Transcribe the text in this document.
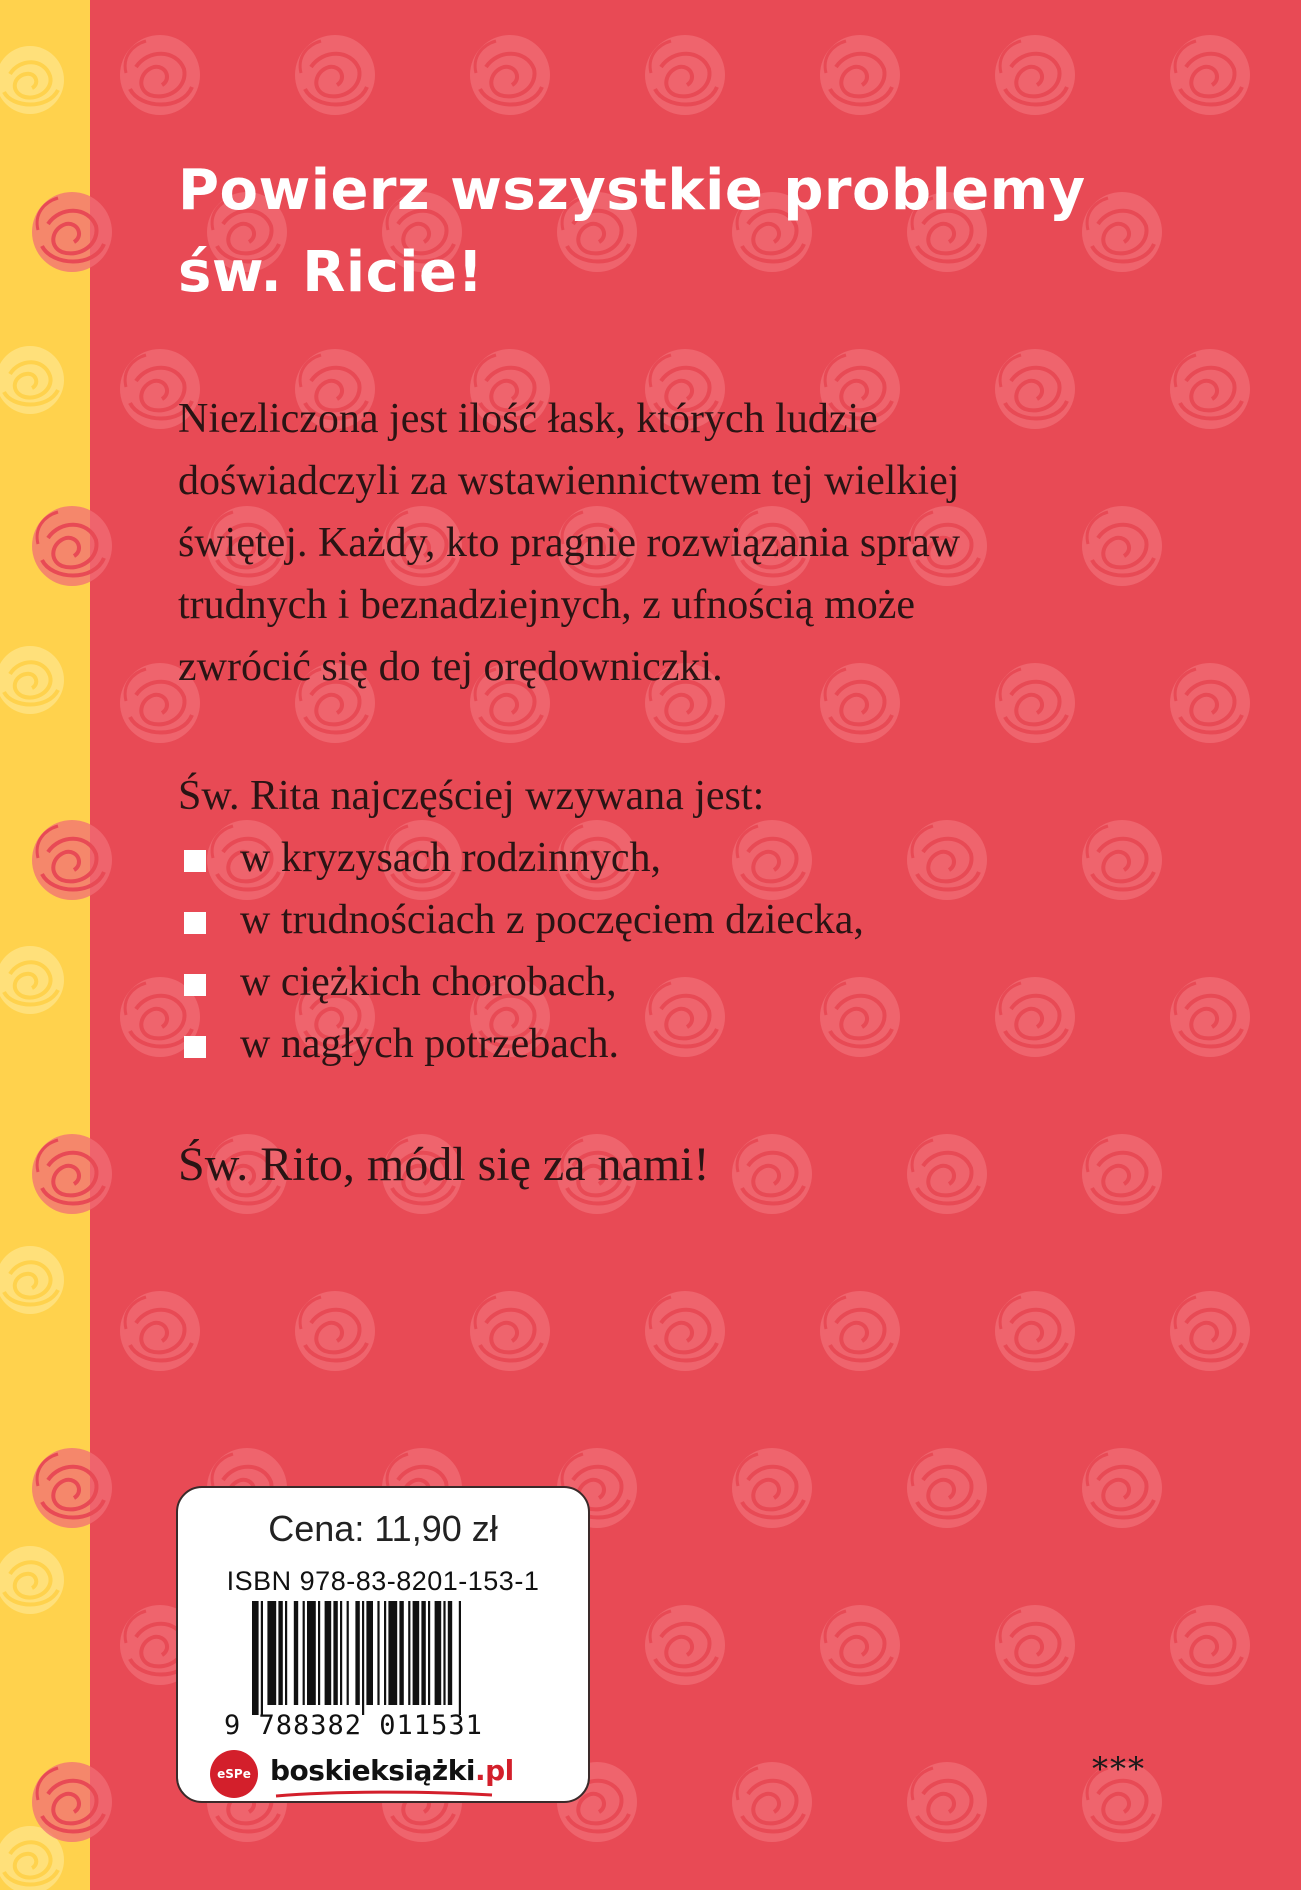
Powierz wszystkie problemy
św. Ricie!
Niezliczona jest ilość łask, których ludzie
doświadczyli za wstawiennictwem tej wielkiej
świętej. Każdy, kto pragnie rozwiązania spraw
trudnych i beznadziejnych, z ufnością może
zwrócić się do tej orędowniczki.
Św. Rita najczęściej wzywana jest:
w kryzysach rodzinnych,
w trudnościach z poczęciem dziecka,
w ciężkich chorobach,
w nagłych potrzebach.
Św. Rito, módl się za nami!
Cena: 11,90 zł
ISBN 978-83-8201-153-1
9 788382 011531
eSPe boskieksiążki.pl	***
